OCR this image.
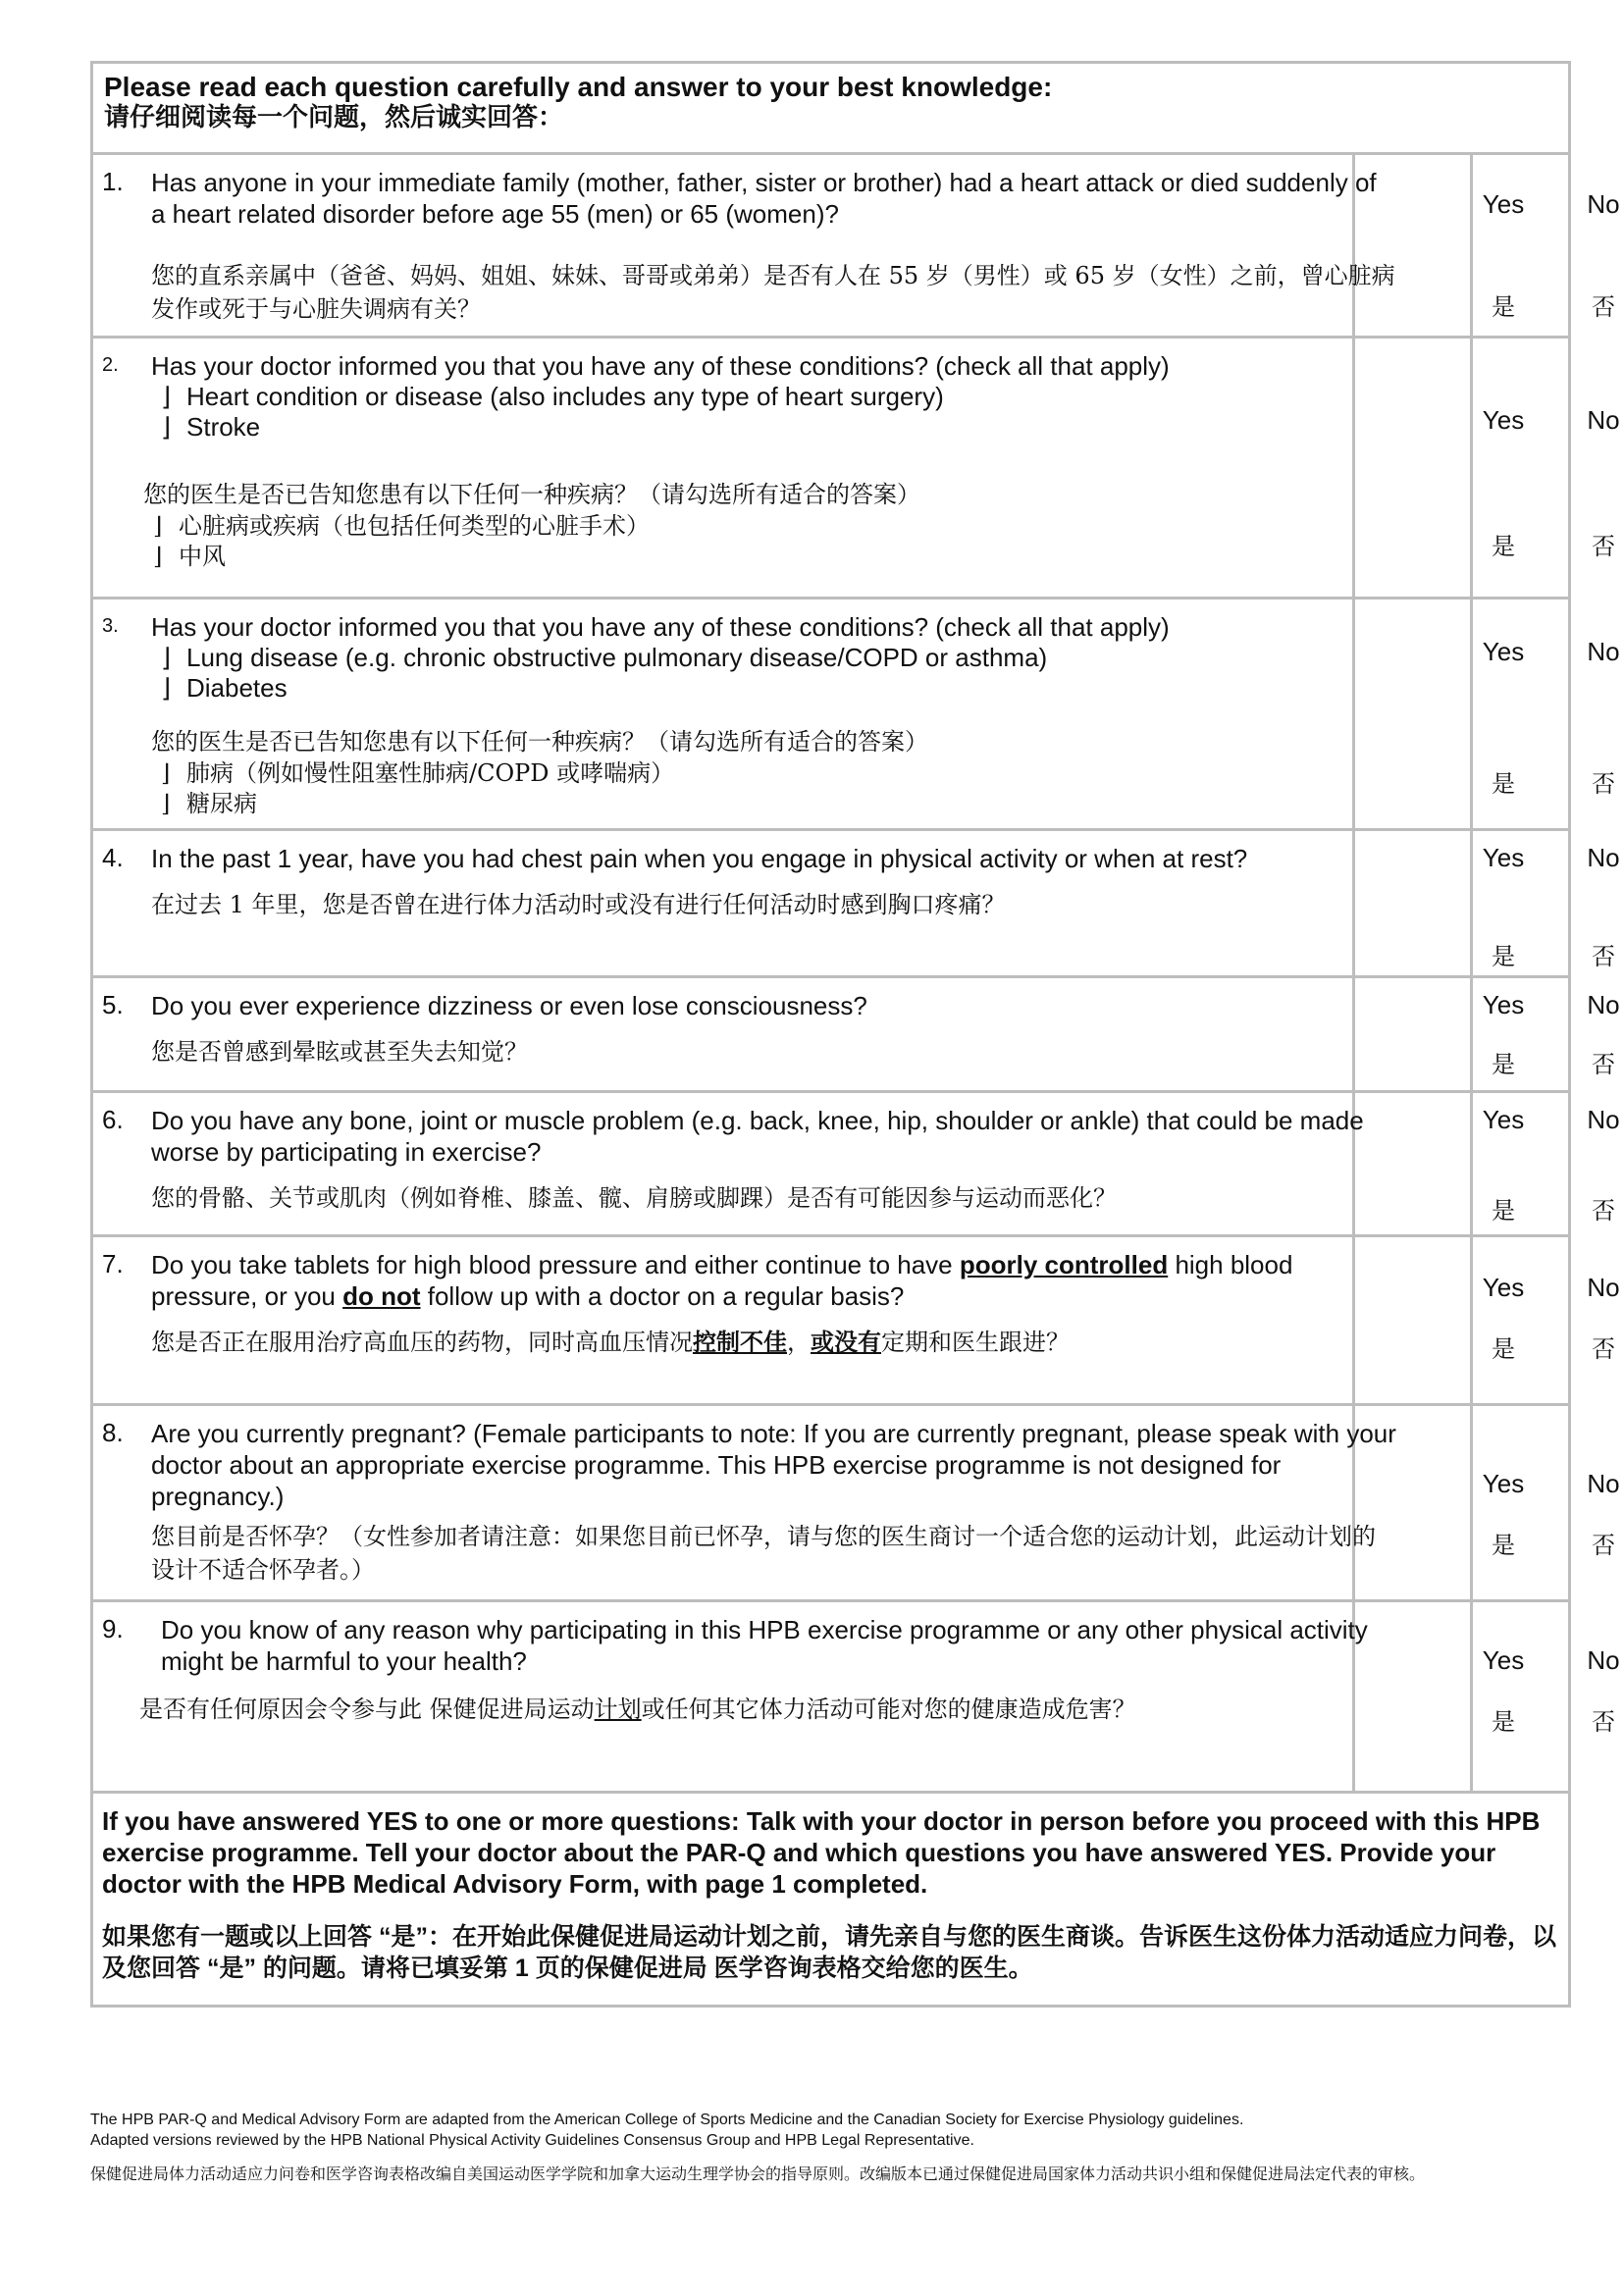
Please read each question carefully and answer to your best knowledge:
请仔细阅读每一个问题，然后诚实回答：
1.	Has anyone in your immediate family (mother, father, sister or brother) had a heart attack or died suddenly of a heart related disorder before age 55 (men) or 65 (women)?
您的直系亲属中（爸爸、妈妈、姐姐、妹妹、哥哥或弟弟）是否有人在 55 岁（男性）或 65 岁（女性）之前，曾心脏病发作或死于与心脏失调病有关？
Yes	No
是	否
2.	Has your doctor informed you that you have any of these conditions? (check all that apply)
⌋ Heart condition or disease (also includes any type of heart surgery)
⌋ Stroke
您的医生是否已告知您患有以下任何一种疾病？（请勾选所有适合的答案）
⌋ 心脏病或疾病（也包括任何类型的心脏手术）
⌋ 中风
Yes	No
是	否
3.	Has your doctor informed you that you have any of these conditions? (check all that apply)
⌋ Lung disease (e.g. chronic obstructive pulmonary disease/COPD or asthma)
⌋ Diabetes
您的医生是否已告知您患有以下任何一种疾病？（请勾选所有适合的答案）
⌋ 肺病（例如慢性阻塞性肺病/COPD 或哮喘病）
⌋ 糖尿病
Yes	No
是	否
4.	In the past 1 year, have you had chest pain when you engage in physical activity or when at rest?
在过去 1 年里，您是否曾在进行体力活动时或没有进行任何活动时感到胸口疼痛？
Yes	No
是	否
5.	Do you ever experience dizziness or even lose consciousness?
您是否曾感到晕眩或甚至失去知觉？
Yes	No
是	否
6.	Do you have any bone, joint or muscle problem (e.g. back, knee, hip, shoulder or ankle) that could be made worse by participating in exercise?
您的骨骼、关节或肌肉（例如脊椎、膝盖、髋、肩膀或脚踝）是否有可能因参与运动而恶化？
Yes	No
是	否
7.	Do you take tablets for high blood pressure and either continue to have poorly controlled high blood pressure, or you do not follow up with a doctor on a regular basis?
您是否正在服用治疗高血压的药物，同时高血压情况控制不佳，或没有定期和医生跟进？
Yes	No
是	否
8.	Are you currently pregnant? (Female participants to note: If you are currently pregnant, please speak with your doctor about an appropriate exercise programme. This HPB exercise programme is not designed for pregnancy.)
您目前是否怀孕？（女性参加者请注意：如果您目前已怀孕，请与您的医生商讨一个适合您的运动计划，此运动计划的设计不适合怀孕者。）
Yes	No
是	否
9.	Do you know of any reason why participating in this HPB exercise programme or any other physical activity might be harmful to your health?
是否有任何原因会令参与此 保健促进局运动计划或任何其它体力活动可能对您的健康造成危害？
Yes	No
是	否
If you have answered YES to one or more questions: Talk with your doctor in person before you proceed with this HPB exercise programme. Tell your doctor about the PAR-Q and which questions you have answered YES. Provide your doctor with the HPB Medical Advisory Form, with page 1 completed.
如果您有一题或以上回答 “是”：在开始此保健促进局运动计划之前，请先亲自与您的医生商谈。告诉医生这份体力活动适应力问卷，以及您回答 “是” 的问题。请将已填妥第 1 页的保健促进局 医学咨询表格交给您的医生。
The HPB PAR-Q and Medical Advisory Form are adapted from the American College of Sports Medicine and the Canadian Society for Exercise Physiology guidelines.
Adapted versions reviewed by the HPB National Physical Activity Guidelines Consensus Group and HPB Legal Representative.
保健促进局体力活动适应力问卷和医学咨询表格改编自美国运动医学学院和加拿大运动生理学协会的指导原则。改编版本已通过保健促进局国家体力活动共识小组和保健促进局法定代表的审核。
